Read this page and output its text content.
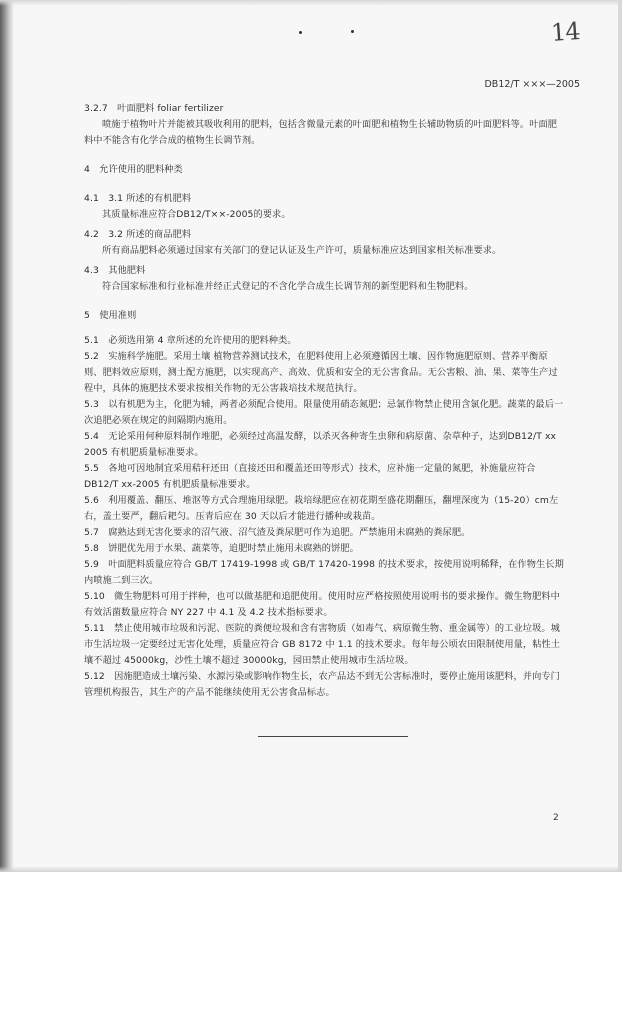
14
DB12/T ×××—2005

3.2.7　叶面肥料 foliar fertilizer

喷施于植物叶片并能被其吸收利用的肥料，包括含微量元素的叶面肥和植物生长辅助物质的叶面肥料等。叶面肥料中不能含有化学合成的植物生长调节剂。

4　允许使用的肥料种类

4.1　3.1 所述的有机肥料

其质量标准应符合DB12/T××-2005的要求。

4.2　3.2 所述的商品肥料

所有商品肥料必须通过国家有关部门的登记认证及生产许可，质量标准应达到国家相关标准要求。

4.3　其他肥料

符合国家标准和行业标准并经正式登记的不含化学合成生长调节剂的新型肥料和生物肥料。

5　使用准则

5.1　必须选用第 4 章所述的允许使用的肥料种类。

5.2　实施科学施肥。采用土壤 植物营养测试技术，在肥料使用上必须遵循因土壤、因作物施肥原则、营养平衡原则、肥料效应原则，测土配方施肥，以实现高产、高效、优质和安全的无公害食品。无公害粮、油、果、菜等生产过程中，具体的施肥技术要求按相关作物的无公害栽培技术规范执行。

5.3　以有机肥为主，化肥为辅，两者必须配合使用。限量使用硝态氮肥；忌氯作物禁止使用含氯化肥。蔬菜的最后一次追肥必须在规定的间隔期内施用。

5.4　无论采用何种原料制作堆肥，必须经过高温发酵，以杀灭各种寄生虫卵和病原菌、杂草种子，达到DB12/T xx 2005 有机肥质量标准要求。

5.5　各地可因地制宜采用秸秆还田（直接还田和覆盖还田等形式）技术，应补施一定量的氮肥，补施量应符合 DB12/T xx-2005 有机肥质量标准要求。

5.6　利用覆盖、翻压、堆沤等方式合理施用绿肥。栽培绿肥应在初花期至盛花期翻压，翻埋深度为（15-20）cm左右，盖土要严，翻后耙匀。压青后应在 30 天以后才能进行播种或栽苗。

5.7　腐熟达到无害化要求的沼气液、沼气渣及粪尿肥可作为追肥。严禁施用未腐熟的粪尿肥。

5.8　饼肥优先用于水果、蔬菜等，追肥时禁止施用未腐熟的饼肥。

5.9　叶面肥料质量应符合 GB/T 17419-1998 或 GB/T 17420-1998 的技术要求，按使用说明稀释，在作物生长期内喷施二到三次。

5.10　微生物肥料可用于拌种，也可以做基肥和追肥使用。使用时应严格按照使用说明书的要求操作。微生物肥料中有效活菌数量应符合 NY 227 中 4.1 及 4.2 技术指标要求。

5.11　禁止使用城市垃圾和污泥、医院的粪便垃圾和含有害物质（如毒气、病原微生物、重金属等）的工业垃圾。城市生活垃圾一定要经过无害化处理，质量应符合 GB 8172 中 1.1 的技术要求。每年每公顷农田限制使用量，粘性土壤不超过 45000kg，沙性土壤不超过 30000kg，园田禁止使用城市生活垃圾。

5.12　因施肥造成土壤污染、水源污染或影响作物生长，农产品达不到无公害标准时，要停止施用该肥料，并向专门管理机构报告，其生产的产品不能继续使用无公害食品标志。

2
